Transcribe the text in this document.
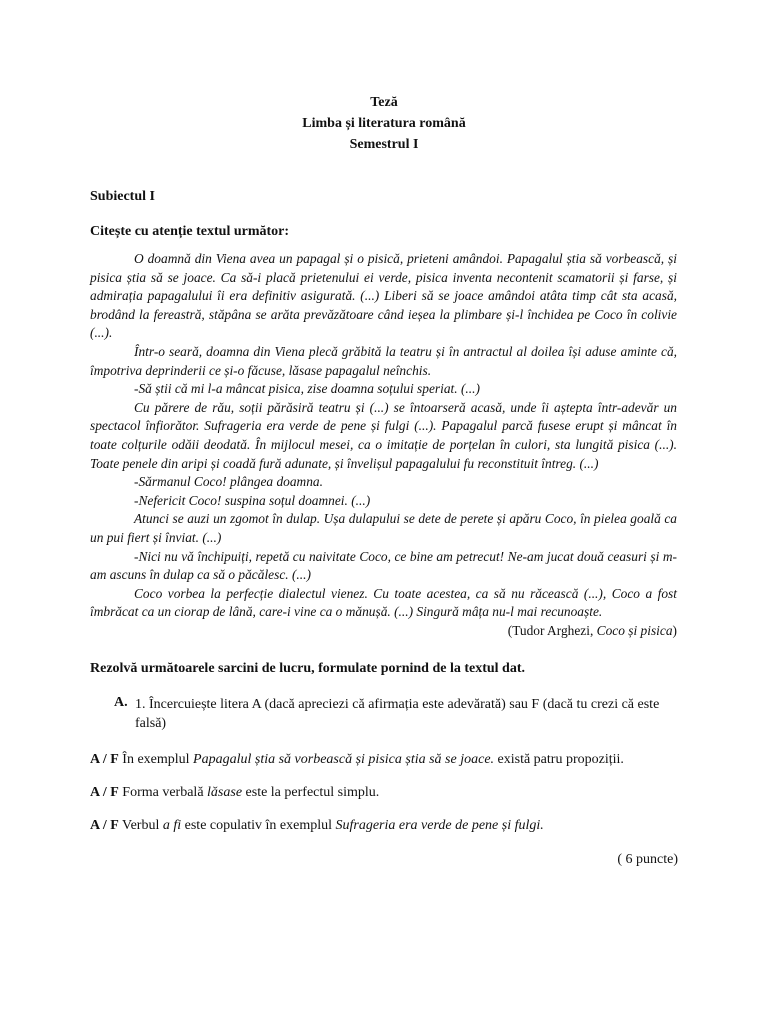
Teză
Limba și literatura română
Semestrul I
Subiectul I
Citește cu atenție textul următor:

O doamnă din Viena avea un papagal și o pisică, prieteni amândoi. Papagalul știa să vorbească, și pisica știa să se joace. Ca să-i placă prietenului ei verde, pisica inventa necontenit scamatorii și farse, și admirația papagalului îi era definitiv asigurată. (...) Liberi să se joace amândoi atâta timp cât sta acasă, brodând la fereastră, stăpâna se arăta prevăzătoare când ieșea la plimbare și-l închidea pe Coco în colivie (...).

Într-o seară, doamna din Viena plecă grăbită la teatru și în antractul al doilea își aduse aminte că, împotriva deprinderii ce și-o făcuse, lăsase papagalul neînchis.

-Să știi că mi l-a mâncat pisica, zise doamna soțului speriat. (...)

Cu părere de rău, soții părăsiră teatru și (...) se întoarseră acasă, unde îi aștepta într-adevăr un spectacol înfiorător. Sufrageria era verde de pene și fulgi (...). Papagalul parcă fusese erupt și mâncat în toate colțurile odăii deodată. În mijlocul mesei, ca o imitație de porțelan în culori, sta lungită pisica (...). Toate penele din aripi și coadă fură adunate, și învelișul papagalului fu reconstituit întreg. (...)

-Sărmanul Coco! plângea doamna.

-Nefericit Coco! suspina soțul doamnei. (...)

Atunci se auzi un zgomot în dulap. Ușa dulapului se dete de perete și apăru Coco, în pielea goală ca un pui fiert și înviat. (...)

-Nici nu vă închipuiți, repetă cu naivitate Coco, ce bine am petrecut! Ne-am jucat două ceasuri și m-am ascuns în dulap ca să o păcălesc. (...)

Coco vorbea la perfecție dialectul vienez. Cu toate acestea, ca să nu răcească (...), Coco a fost îmbrăcat ca un ciorap de lână, care-i vine ca o mănușă. (...) Singură mâța nu-l mai recunoaște.

(Tudor Arghezi, Coco și pisica)

Rezolvă următoarele sarcini de lucru, formulate pornind de la textul dat.
A. 1. Încercuiește litera A (dacă apreciezi că afirmația este adevărată) sau F (dacă tu crezi că este falsă)
A / F În exemplul Papagalul știa să vorbească și pisica știa să se joace. există patru propoziții.
A / F Forma verbală lăsase este la perfectul simplu.
A / F Verbul a fi este copulativ în exemplul Sufrageria era verde de pene și fulgi.
( 6 puncte)
